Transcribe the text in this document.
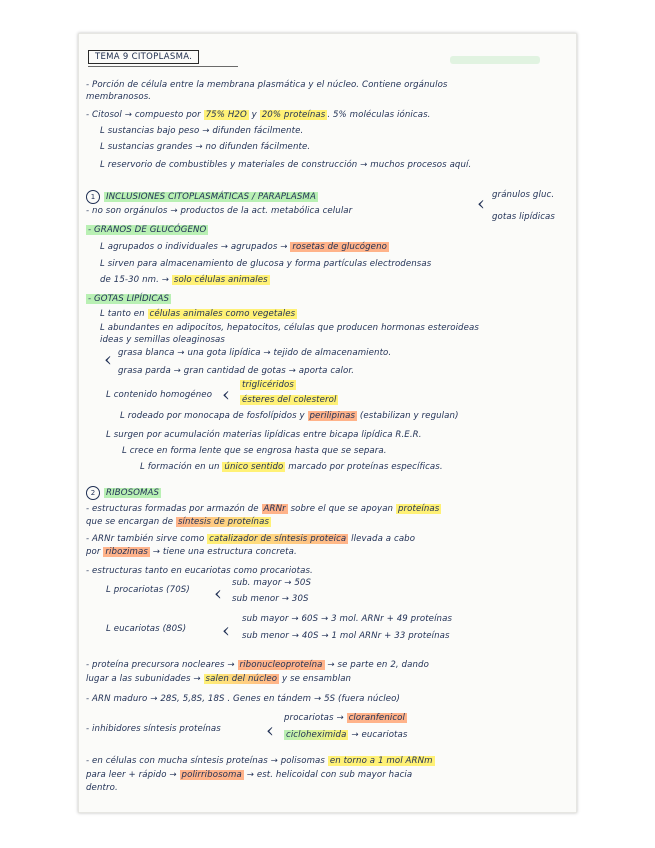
TEMA 9 CITOPLASMA.
- Porción de célula entre la membrana plasmática y el núcleo. Contiene orgánulos
membranosos.
- Citosol → compuesto por 75% H2O y 20% proteínas . 5% moléculas iónicas.
L sustancias bajo peso → difunden fácilmente.
L sustancias grandes → no difunden fácilmente.
L reservorio de combustibles y materiales de construcción → muchos procesos aquí.
1 INCLUSIONES CITOPLASMÁTICAS / PARAPLASMA
- no son orgánulos → productos de la act. metabólica celular	‹ gránulos gluc.
gotas lipídicas
- GRANOS DE GLUCÓGENO
L agrupados o individuales → agrupados → rosetas de glucógeno
L sirven para almacenamiento de glucosa y forma partículas electrodensas
de 15-30 nm. → solo células animales
- GOTAS LIPÍDICAS
L tanto en células animales como vegetales
L abundantes en adipocitos, hepatocitos, células que producen hormonas esteroideas
ideas y semillas oleaginosas
‹ grasa blanca → una gota lipídica → tejido de almacenamiento.
grasa parda → gran cantidad de gotas → aporta calor.
L contenido homogéneo ‹ triglicéridos
ésteres del colesterol
L rodeado por monocapa de fosfolípidos y perilipinas (estabilizan y regulan)
L surgen por acumulación materias lipídicas entre bicapa lipídica R.E.R.
L crece en forma lente que se engrosa hasta que se separa.
L formación en un único sentido marcado por proteínas específicas.
2 RIBOSOMAS
- estructuras formadas por armazón de ARNr sobre el que se apoyan proteínas
que se encargan de síntesis de proteínas
- ARNr también sirve como catalizador de síntesis proteica llevada a cabo
por ribozimas → tiene una estructura concreta.
- estructuras tanto en eucariotas como procariotas.
L procariotas (70S) ‹ sub. mayor → 50S
sub menor → 30S
L eucariotas (80S) ‹ sub mayor → 60S → 3 mol. ARNr + 49 proteínas
sub menor → 40S → 1 mol ARNr + 33 proteínas
- proteína precursora nocleares → ribonucleoproteína → se parte en 2, dando
lugar a las subunidades → salen del núcleo y se ensamblan
- ARN maduro → 28S, 5,8S, 18S . Genes en tándem → 5S (fuera núcleo)
- inhibidores síntesis proteínas ‹ procariotas → cloranfenicol
cicloheximida → eucariotas
- en células con mucha síntesis proteínas → polisomas en torno a 1 mol ARNm
para leer + rápido → polirribosoma → est. helicoidal con sub mayor hacia
dentro.
